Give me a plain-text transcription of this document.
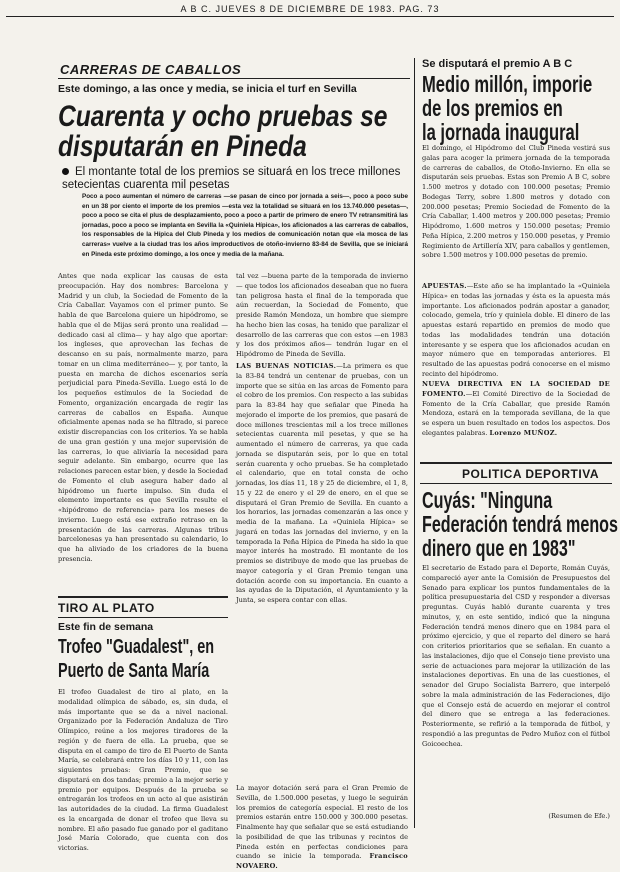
A B C. JUEVES 8 DE DICIEMBRE DE 1983. PAG. 73
CARRERAS DE CABALLOS
Este domingo, a las once y media, se inicia el turf en Sevilla
Cuarenta y ocho pruebas se
disputarán en Pineda
El montante total de los premios se situará en los trece millones setecientas cuarenta mil pesetas
Poco a poco aumentan el número de carreras —se pasan de cinco por jornada a seis—, poco a poco sube en un 38 por ciento el importe de los premios —esta vez la totalidad se situará en los 13.740.000 pesetas—, poco a poco se cita el plus de desplazamiento, poco a poco a partir de primero de enero TV retransmitirá las jornadas, poco a poco se implanta en Sevilla la «Quiniela Hípica», los aficionados a las carreras de caballos, los responsables de la Hípica del Club Pineda y los medios de comunicación notan que «la mosca de las carreras» vuelve a la ciudad tras los años improductivos de otoño-invierno 83-84 de Sevilla, que se iniciará en Pineda este próximo domingo, a los once y media de la mañana.
Antes que nada explicar las causas de esta preocupación. Hay dos nombres: Barcelona y Madrid y un club, la Sociedad de Fomento de la Cría Caballar. Vayamos con el primer punto. Se habla de que Barcelona quiere un hipódromo, se habla que el de Mijas será pronto una realidad —dedicado casi al clima— y hay algo que aportar: los ingleses, que aprovechan las fechas de descanso en su país, normalmente marzo, para tomar en un clima mediterráneo— y, por tanto, la puesta en marcha de dichos escenarios sería perjudicial para Pineda-Sevilla. Luego está lo de los pequeños estímulos de la Sociedad de Fomento, organización encargada de regir las carreras de caballos en España. Aunque oficialmente apenas nada se ha filtrado, si parece existir discrepancias con los criterios. Ya se habla de una gran gestión y una mejor supervisión de las carreras, lo que aliviaría la necesidad para seguir adelante. Sin embargo, ocurre que las relaciones parecen estar bien, y desde la Sociedad de Fomento el club asegura haber dado al hipódromo un fuerte impulso. Sin duda el elemento importante es que Sevilla resulte el «hipódromo de referencia» para los meses de invierno. Luego está ese extraño retraso en la presentación de las carreras. Algunas tribus barcelonesas ya han presentado su calendario, lo que ha aliviado de los criadores de la buena presencia.
tal vez —buena parte de la temporada de invierno— que todos los aficionados deseaban que no fuera tan peligrosa hasta el final de la temporada que aún recuerdan, la Sociedad de Fomento, que preside Ramón Mendoza, un hombre que siempre ha hecho bien las cosas, ha tenido que paralizar el desarrollo de las carreras que con estos —en 1983 y los dos próximos años— tendrán lugar en el Hipódromo de Pineda de Sevilla.
LAS BUENAS NOTICIAS.—La primera es que la 83-84 tendrá un centenar de pruebas, con un importe que se sitúa en las arcas de Fomento para el cobro de los premios. Con respecto a las subidas para la 83-84 hay que señalar que Pineda ha mejorado el importe de los premios, que pasará de doce millones trescientas mil a los trece millones setecientas cuarenta mil pesetas, y que se ha aumentado el número de carreras, ya que cada jornada se disputarán seis, por lo que en total serán cuarenta y ocho pruebas. Se ha completado el calendario, que en total consta de ocho jornadas, los días 11, 18 y 25 de diciembre, el 1, 8, 15 y 22 de enero y el 29 de enero, en el que se disputará el Gran Premio de Sevilla. En cuanto a los horarios, las jornadas comenzarán a las once y media de la mañana. La «Quiniela Hípica» se jugará en todas las jornadas del invierno, y en la temporada la Peña Hípica de Pineda ha sido la que mayor interés ha mostrado. El montante de los premios se distribuye de modo que las pruebas de mayor categoría y el Gran Premio tengan una dotación acorde con su importancia. En cuanto a las ayudas de la Diputación, el Ayuntamiento y la Junta, se espera contar con ellas.
La mayor dotación será para el Gran Premio de Sevilla, de 1.500.000 pesetas, y luego le seguirán los premios de categoría especial. El resto de los premios estarán entre 150.000 y 300.000 pesetas. Finalmente hay que señalar que se está estudiando la posibilidad de que las tribunas y recintos de Pineda estén en perfectas condiciones para cuando se inicie la temporada. Francisco NOVAERO.
TIRO AL PLATO
Este fin de semana
Trofeo "Guadalest", en
Puerto de Santa María
El trofeo Guadalest de tiro al plato, en la modalidad olímpica de sábado, es, sin duda, el más importante que se da a nivel nacional. Organizado por la Federación Andaluza de Tiro Olímpico, reúne a los mejores tiradores de la región y de fuera de ella. La prueba, que se disputa en el campo de tiro de El Puerto de Santa María, se celebrará entre los días 10 y 11, con las siguientes pruebas: Gran Premio, que se disputará en dos tandas; premio a la mejor serie y premio por equipos. Después de la prueba se entregarán los trofeos en un acto al que asistirán las autoridades de la ciudad. La firma Guadalest es la encargada de donar el trofeo que lleva su nombre. El año pasado fue ganado por el gaditano José María Colorado, que cuenta con dos victorias.
Se disputará el premio A B C
Medio millón, imporie
de los premios en
la jornada inaugural
El domingo, el Hipódromo del Club Pineda vestirá sus galas para acoger la primera jornada de la temporada de carreras de caballos, de Otoño-Invierno. En ella se disputarán seis pruebas. Estas son Premio A B C, sobre 1.500 metros y dotado con 100.000 pesetas; Premio Bodegas Terry, sobre 1.800 metros y dotado con 200.000 pesetas; Premio Sociedad de Fomento de la Cría Caballar, 1.400 metros y 200.000 pesetas; Premio Hipódromo, 1.600 metros y 150.000 pesetas; Premio Peña Hípica, 2.200 metros y 150.000 pesetas, y Premio Regimiento de Artillería XIV, para caballos y gentlemen, sobre 1.500 metros y 100.000 pesetas de premio.
APUESTAS.—Este año se ha implantado la «Quiniela Hípica» en todas las jornadas y ésta es la apuesta más importante. Los aficionados podrán apostar a ganador, colocado, gemela, trío y quiniela doble. El dinero de las apuestas estará repartido en premios de modo que todas las modalidades tendrán una dotación interesante y se espera que los aficionados acudan en mayor número que en temporadas anteriores. El resultado de las apuestas podrá conocerse en el mismo recinto del hipódromo.
NUEVA DIRECTIVA EN LA SOCIEDAD DE FOMENTO.—El Comité Directivo de la Sociedad de Fomento de la Cría Caballar, que preside Ramón Mendoza, estará en la temporada sevillana, de la que se espera un buen resultado en todos los aspectos. Dos elegantes palabras. Lorenzo MUÑOZ.
POLITICA DEPORTIVA
Cuyás: "Ninguna
Federación tendrá menos
dinero que en 1983"
El secretario de Estado para el Deporte, Román Cuyás, compareció ayer ante la Comisión de Presupuestos del Senado para explicar los puntos fundamentales de la política presupuestaria del CSD y responder a diversas preguntas. Cuyás habló durante cuarenta y tres minutos, y, en este sentido, indicó que la ninguna Federación tendrá menos dinero que en 1984 para el próximo ejercicio, y que el reparto del dinero se hará con criterios prioritarios que se señalan. En cuanto a las instalaciones, dijo que el Consejo tiene previsto una serie de actuaciones para mejorar la utilización de las instalaciones deportivas. En una de las cuestiones, el senador del Grupo Socialista Barrero, que interpeló sobre la mala administración de las Federaciones, dijo que el Consejo está de acuerdo en mejorar el control del dinero que se entrega a las federaciones. Posteriormente, se refirió a la temporada de fútbol, y respondió a las preguntas de Pedro Muñoz con el fútbol Goicoechea.
(Resumen de Efe.)
